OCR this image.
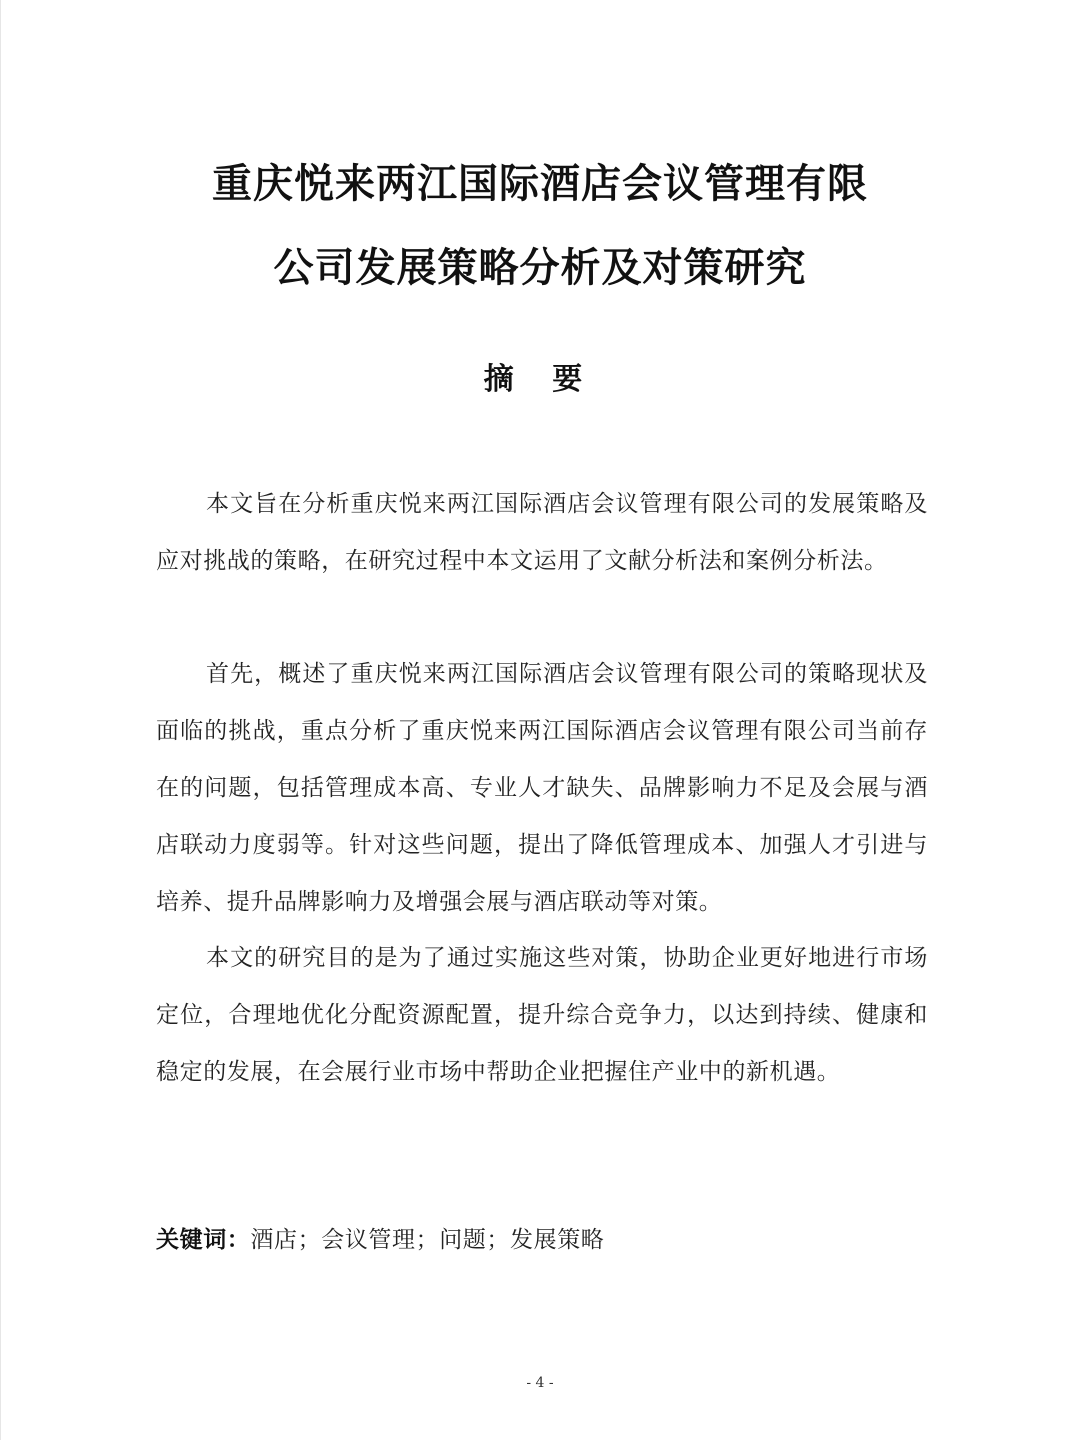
重庆悦来两江国际酒店会议管理有限
公司发展策略分析及对策研究
摘 要

本文旨在分析重庆悦来两江国际酒店会议管理有限公司的发展策略及应对挑战的策略，在研究过程中本文运用了文献分析法和案例分析法。

首先，概述了重庆悦来两江国际酒店会议管理有限公司的策略现状及面临的挑战，重点分析了重庆悦来两江国际酒店会议管理有限公司当前存在的问题，包括管理成本高、专业人才缺失、品牌影响力不足及会展与酒店联动力度弱等。针对这些问题，提出了降低管理成本、加强人才引进与培养、提升品牌影响力及增强会展与酒店联动等对策。

本文的研究目的是为了通过实施这些对策，协助企业更好地进行市场定位，合理地优化分配资源配置，提升综合竞争力，以达到持续、健康和稳定的发展，在会展行业市场中帮助企业把握住产业中的新机遇。

关键词：酒店；会议管理；问题；发展策略
- 4 -
